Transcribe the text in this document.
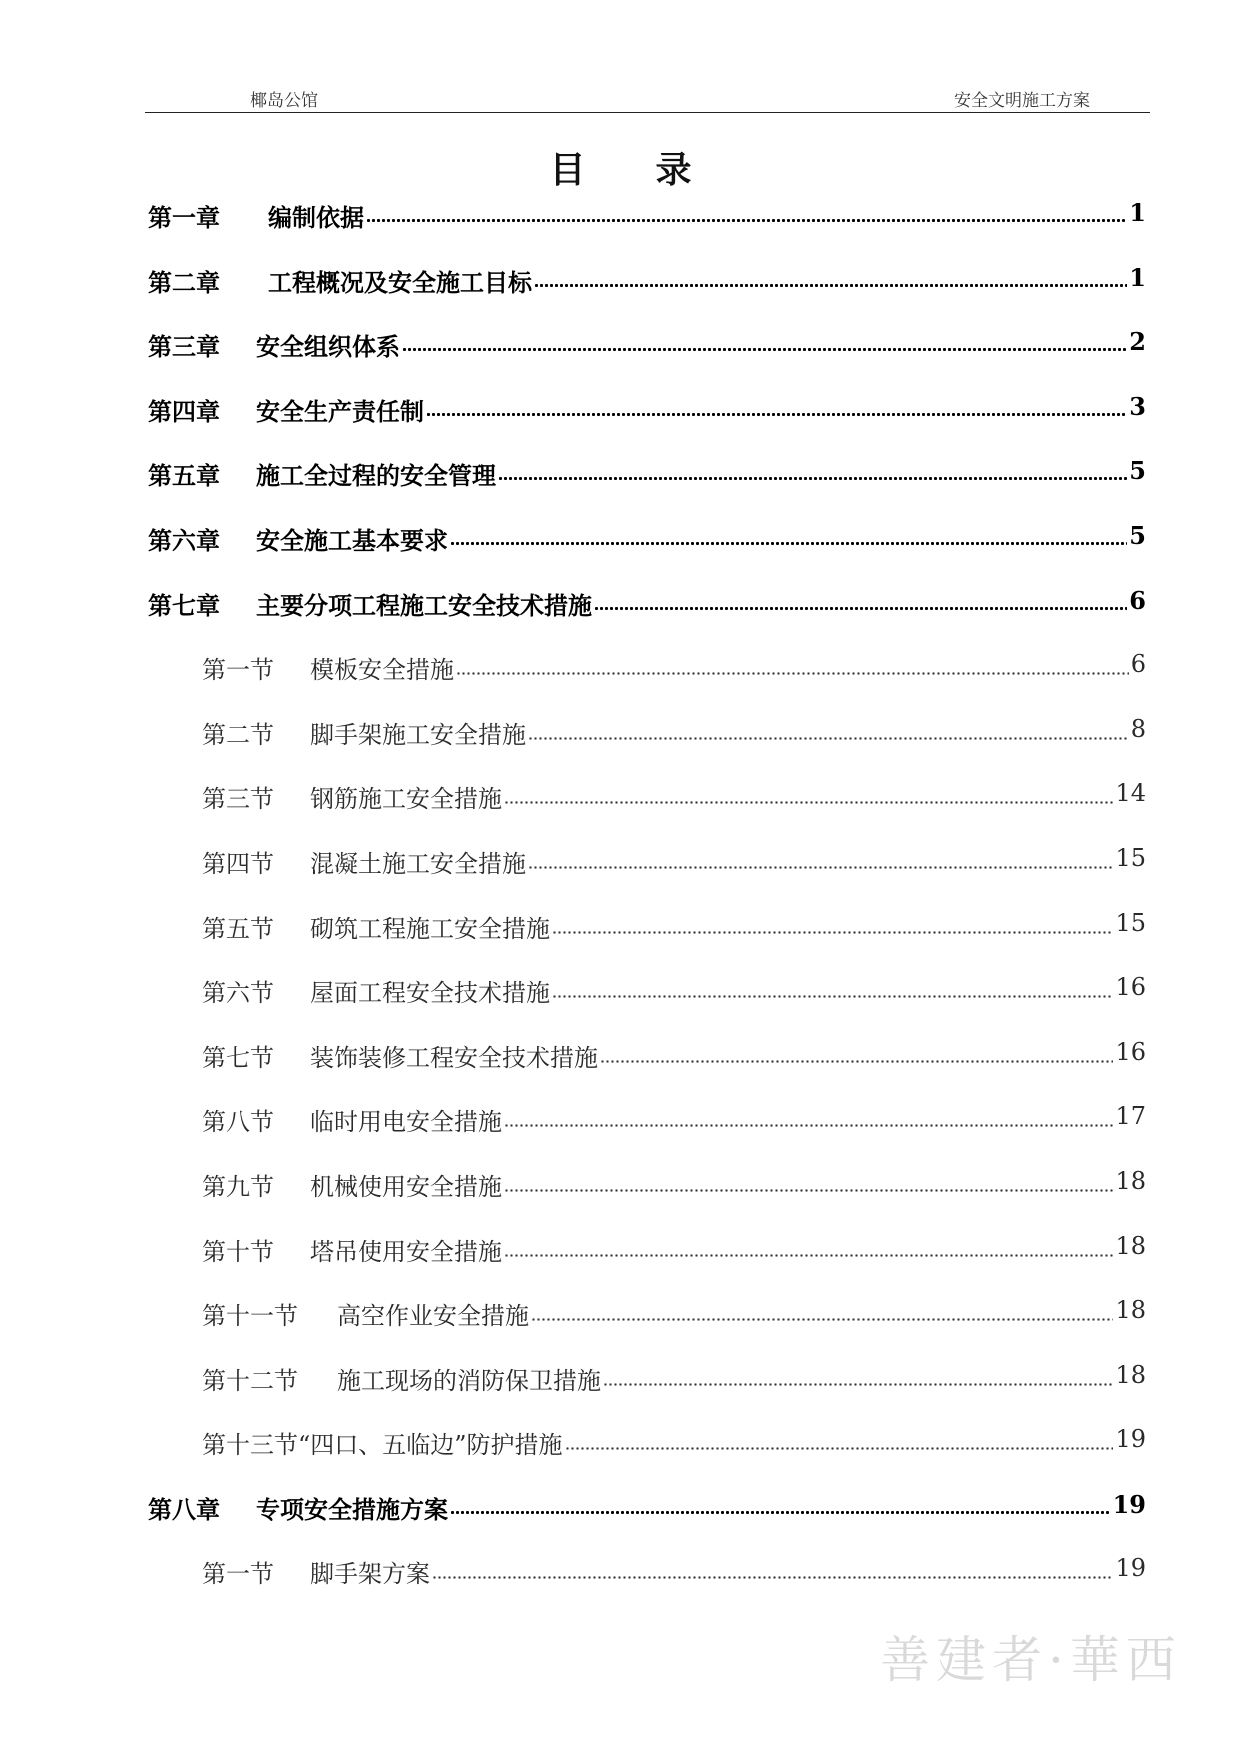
椰岛公馆	安全文明施工方案
目录
第一章	编制依据	1
第二章	工程概况及安全施工目标	1
第三章	安全组织体系	2
第四章	安全生产责任制	3
第五章	施工全过程的安全管理	5
第六章	安全施工基本要求	5
第七章	主要分项工程施工安全技术措施	6
第一节	模板安全措施	6
第二节	脚手架施工安全措施	8
第三节	钢筋施工安全措施	14
第四节	混凝土施工安全措施	15
第五节	砌筑工程施工安全措施	15
第六节	屋面工程安全技术措施	16
第七节	装饰装修工程安全技术措施	16
第八节	临时用电安全措施	17
第九节	机械使用安全措施	18
第十节	塔吊使用安全措施	18
第十一节	高空作业安全措施	18
第十二节	施工现场的消防保卫措施	18
第十三节 “四口、五临边”防护措施	19
第八章	专项安全措施方案	19
第一节	脚手架方案	19
善建者·華西
